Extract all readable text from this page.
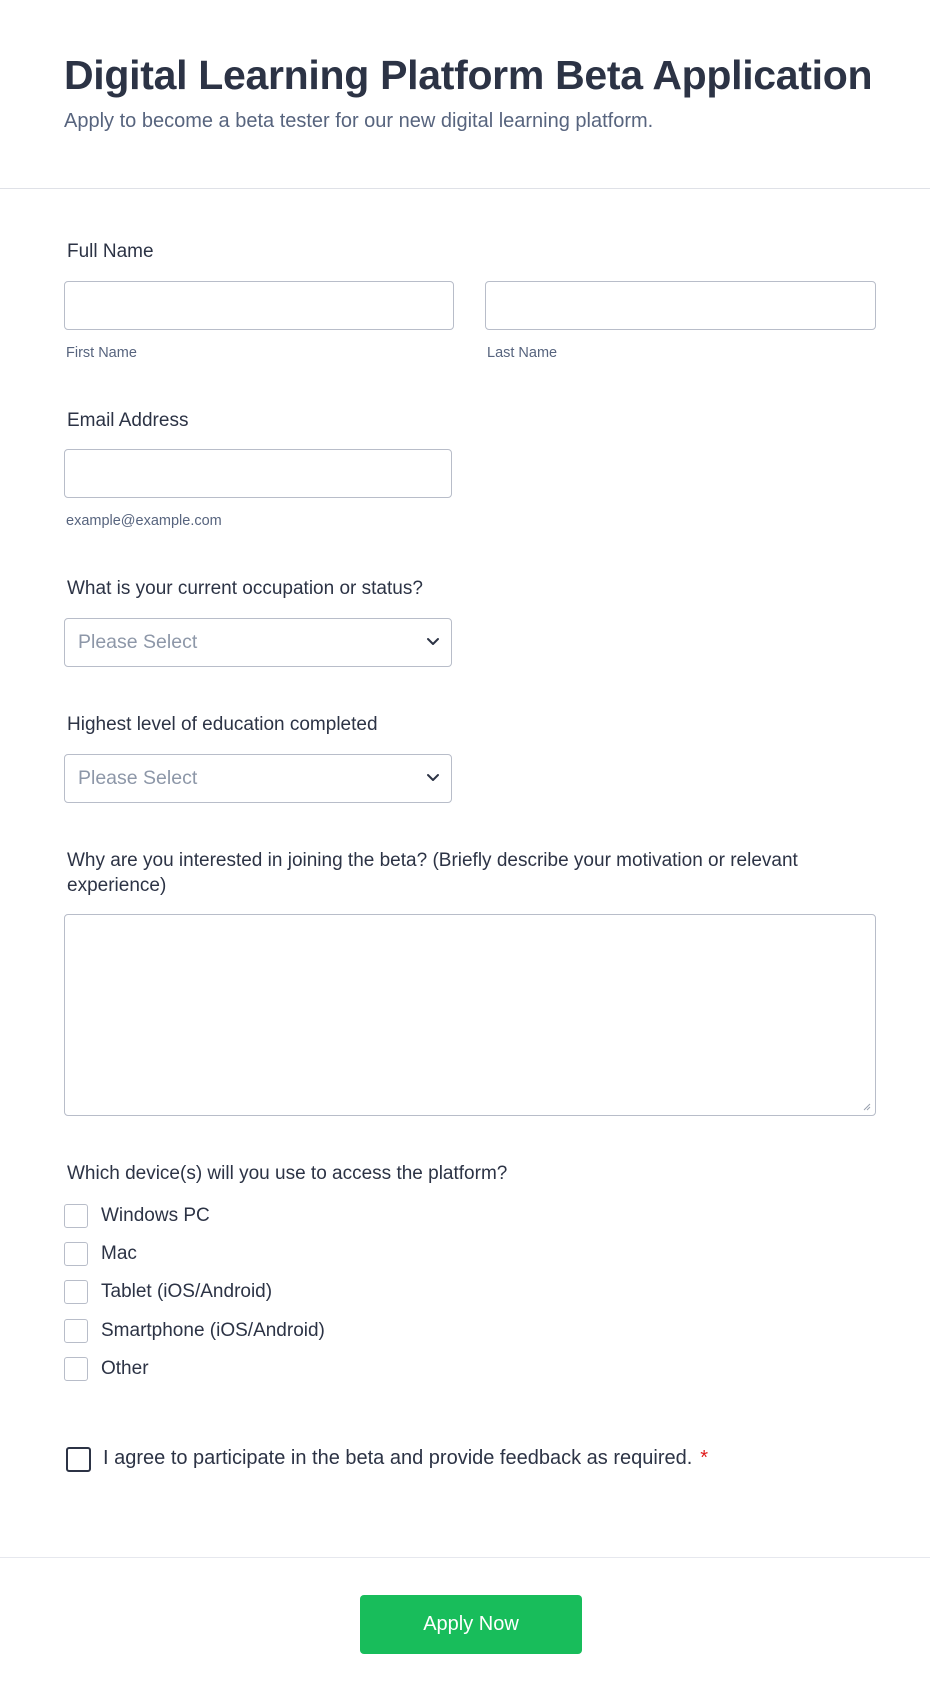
Digital Learning Platform Beta Application
Apply to become a beta tester for our new digital learning platform.
Full Name
First Name	Last Name
Email Address
example@example.com
What is your current occupation or status?
Please Select
Highest level of education completed
Please Select
Why are you interested in joining the beta? (Briefly describe your motivation or relevant experience)
Which device(s) will you use to access the platform?
Windows PC
Mac
Tablet (iOS/Android)
Smartphone (iOS/Android)
Other
I agree to participate in the beta and provide feedback as required. *
Apply Now
